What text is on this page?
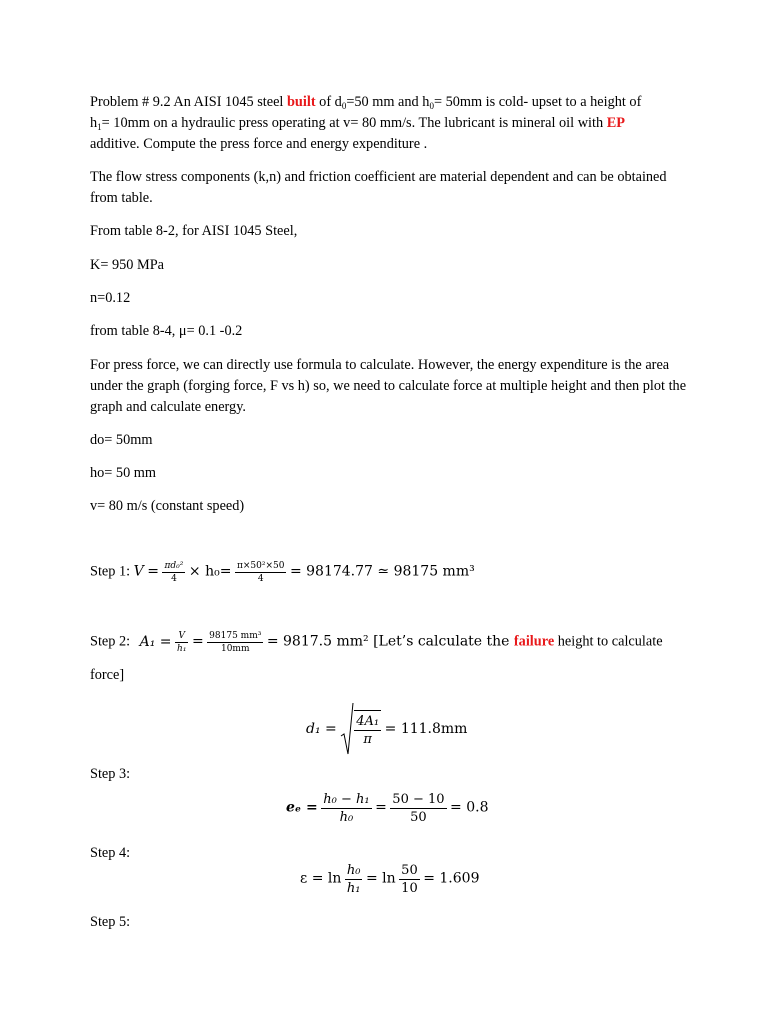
Problem # 9.2 An AISI 1045 steel built of $d_0=50$ mm and $h_0= 50mm$ is cold- upset to a height of
$h_1= 10mm$ on a hydraulic press operating at v= 80 mm/s. The lubricant is mineral oil with EP
additive. Compute the press force and energy expenditure .

The flow stress components (k,n) and friction coefficient are material dependent and can be obtained from table.

From table 8-2, for AISI 1045 Steel,

K= 950 MPa

n=0.12

from table 8-4, μ= 0.1 -0.2

For press force, we can directly use formula to calculate. However, the energy expenditure is the area under the graph (forging force, F vs h) so, we need to calculate force at multiple height and then plot the graph and calculate energy.

do= 50mm

ho= 50 mm

v= 80 m/s (constant speed)

Step 1: $V = \frac{\text{πd₀²}}{4} \times h_0= \frac{\text{π×50²×50}}{4} = 98174.77$ ≃ 98175 mm³
Step 2: $A_1 = \frac{V}{\text{h₁}} = \frac{\text{98175 mm³}}{10mm} = 9817.5$ mm² [Let’s calculate the failure height to calculate

force]

$d_1 = \frac{\text{4A₁}}{\pi} = 111.8mm$

Step 3:

$e_e = \frac{\text{h₀ − h₁}}{\text{h₀}} = \frac{50 - 10}{50} = 0.8$

Step 4:

$\varepsilon = \ln \frac{\text{h₀}}{\text{h₁}} = \ln \frac{50}{10} = 1.609$

Step 5:
